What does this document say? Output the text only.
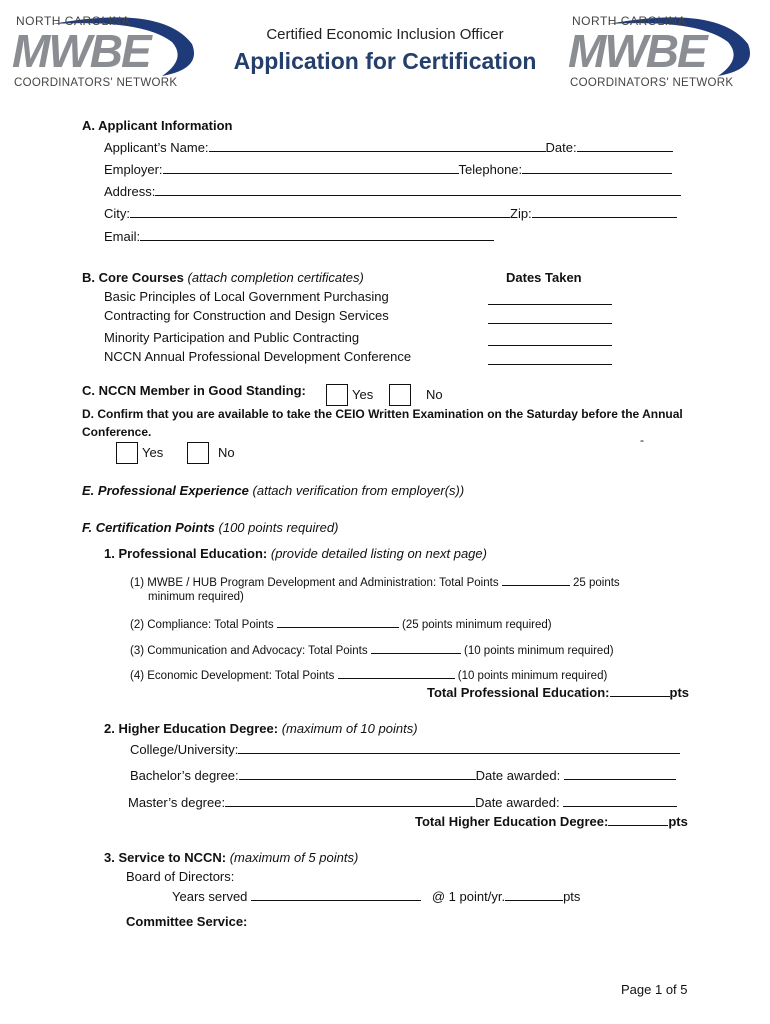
NORTH CAROLINA
MWBE
COORDINATORS' NETWORK
NORTH CAROLINA
MWBE
COORDINATORS' NETWORK
Certified Economic Inclusion Officer
Application for Certification
A. Applicant Information
Applicant’s Name:	Date:
Employer:	Telephone:
Address:
City:	Zip:
Email:
B. Core Courses (attach completion certificates)	Dates Taken
Basic Principles of Local Government Purchasing
Contracting for Construction and Design Services
Minority Participation and Public Contracting
NCCN Annual Professional Development Conference
C. NCCN Member in Good Standing:	Yes	No
D. Confirm that you are available to take the CEIO Written Examination on the Saturday before the Annual
Conference.
-
Yes	No
E. Professional Experience (attach verification from employer(s))
F. Certification Points (100 points required)
1. Professional Education: (provide detailed listing on next page)
(1) MWBE / HUB Program Development and Administration: Total Points	25 points
minimum required)
(2) Compliance: Total Points	(25 points minimum required)
(3) Communication and Advocacy: Total Points	(10 points minimum required)
(4) Economic Development: Total Points	(10 points minimum required)
Total Professional Education:	pts
2. Higher Education Degree: (maximum of 10 points)
College/University:
Bachelor’s degree:	Date awarded:
Master’s degree:	Date awarded:
Total Higher Education Degree:	pts
3. Service to NCCN: (maximum of 5 points)
Board of Directors:
Years served	@ 1 point/yr.	pts
Committee Service:
Page 1 of 5
